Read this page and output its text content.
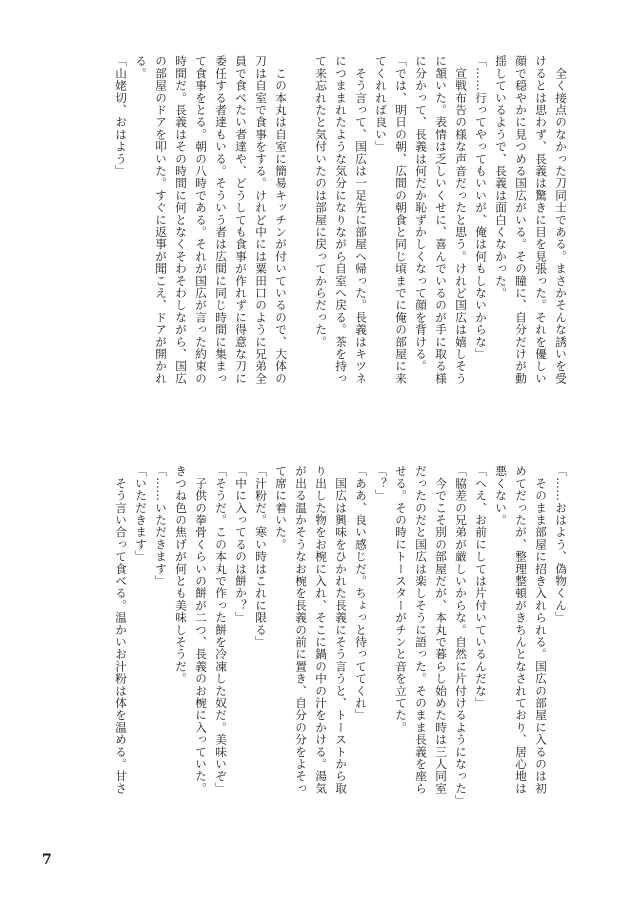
　全く接点のなかった刀同士である。まさかそんな誘いを受

けるとは思わず、長義は驚きに目を見張った。それを優しい

顔で穏やかに見つめる国広がいる。その瞳に、自分だけが動

揺しているようで、長義は面白くなかった。

「……行ってやってもいいが、俺は何もしないからな」

　宣戦布告の様な声音だったと思う。けれど国広は嬉しそう

に頷いた。表情は乏しいくせに、喜んでいるのが手に取る様

に分かって、長義は何だか恥ずかしくなって顔を背ける。

「では、明日の朝、広間の朝食と同じ頃までに俺の部屋に来

てくれれば良い」

　そう言って、国広は一足先に部屋へ帰った。長義はキツネ

につままれたような気分になりながら自室へ戻る。茶を持っ

て来忘れたと気付いたのは部屋に戻ってからだった。

　この本丸は自室に簡易キッチンが付いているので、大体の

刀は自室で食事をする。けれど中には粟田口のように兄弟全

員で食べたい者達や、どうしても食事が作れずに得意な刀に

委任する者達もいる。そういう者は広間に同じ時間に集まっ

て食事をとる。朝の八時である。それが国広が言った約束の

時間だ。長義はその時間に何となくそわそわしながら、国広

の部屋のドアを叩いた。すぐに返事が聞こえ、ドアが開かれ

る。

「山姥切、おはよう」

「……おはよう、偽物くん」

　そのまま部屋に招き入れられる。国広の部屋に入るのは初

めてだったが、整理整頓がきちんとなされており、居心地は

悪くない。

「へえ、お前にしては片付いているんだな」

「脇差の兄弟が厳しいからな。自然に片付けるようになった」

　今でこそ別の部屋だが、本丸で暮らし始めた時は三人同室

だったのだと国広は楽しそうに語った。そのまま長義を座ら

せる。その時にトースターがチンと音を立てた。

「？」

「ああ、良い感じだ。ちょっと待っててくれ」

　国広は興味をひかれた長義にそう言うと、トーストから取

り出した物をお椀に入れ、そこに鍋の中の汁をかける。湯気

が出る温かそうなお椀を長義の前に置き、自分の分をよそっ

て席に着いた。

「汁粉だ。寒い時はこれに限る」

「中に入ってるのは餅か？」

「そうだ。この本丸で作った餅を冷凍した奴だ。美味いぞ」

　子供の拳骨くらいの餅が二つ、長義のお椀に入っていた。

きつね色の焦げが何とも美味しそうだ。

「……いただきます」

「いただきます」

　そう言い合って食べる。温かいお汁粉は体を温める。甘さ

7
